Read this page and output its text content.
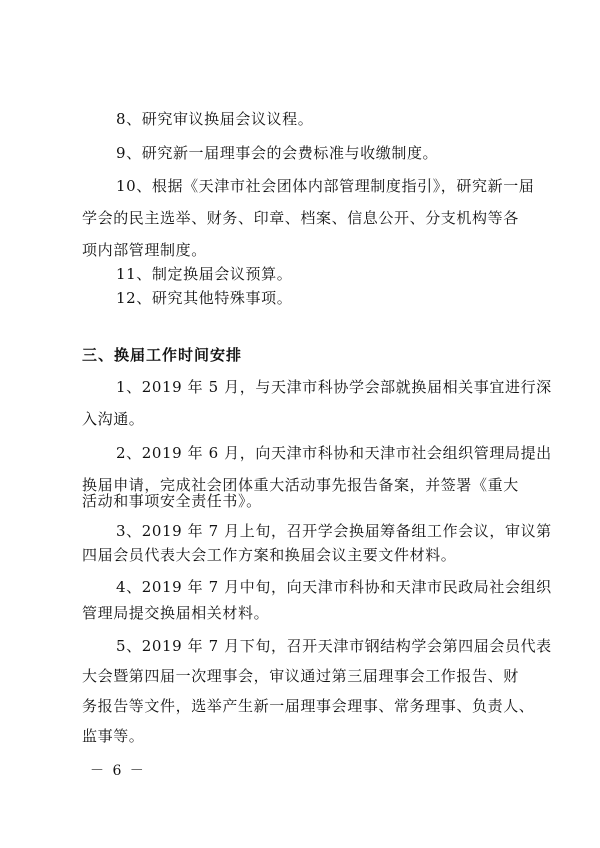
8、研究审议换届会议议程。
9、研究新一届理事会的会费标准与收缴制度。
10、根据《天津市社会团体内部管理制度指引》，研究新一届
学会的民主选举、财务、印章、档案、信息公开、分支机构等各
项内部管理制度。
11、制定换届会议预算。
12、研究其他特殊事项。
三、换届工作时间安排
1、2019 年 5 月，与天津市科协学会部就换届相关事宜进行深
入沟通。
2、2019 年 6 月，向天津市科协和天津市社会组织管理局提出
换届申请，完成社会团体重大活动事先报告备案，并签署《重大
活动和事项安全责任书》。
3、2019 年 7 月上旬，召开学会换届筹备组工作会议，审议第
四届会员代表大会工作方案和换届会议主要文件材料。
4、2019 年 7 月中旬，向天津市科协和天津市民政局社会组织
管理局提交换届相关材料。
5、2019 年 7 月下旬，召开天津市钢结构学会第四届会员代表
大会暨第四届一次理事会，审议通过第三届理事会工作报告、财
务报告等文件，选举产生新一届理事会理事、常务理事、负责人、
监事等。
－ 6 －
